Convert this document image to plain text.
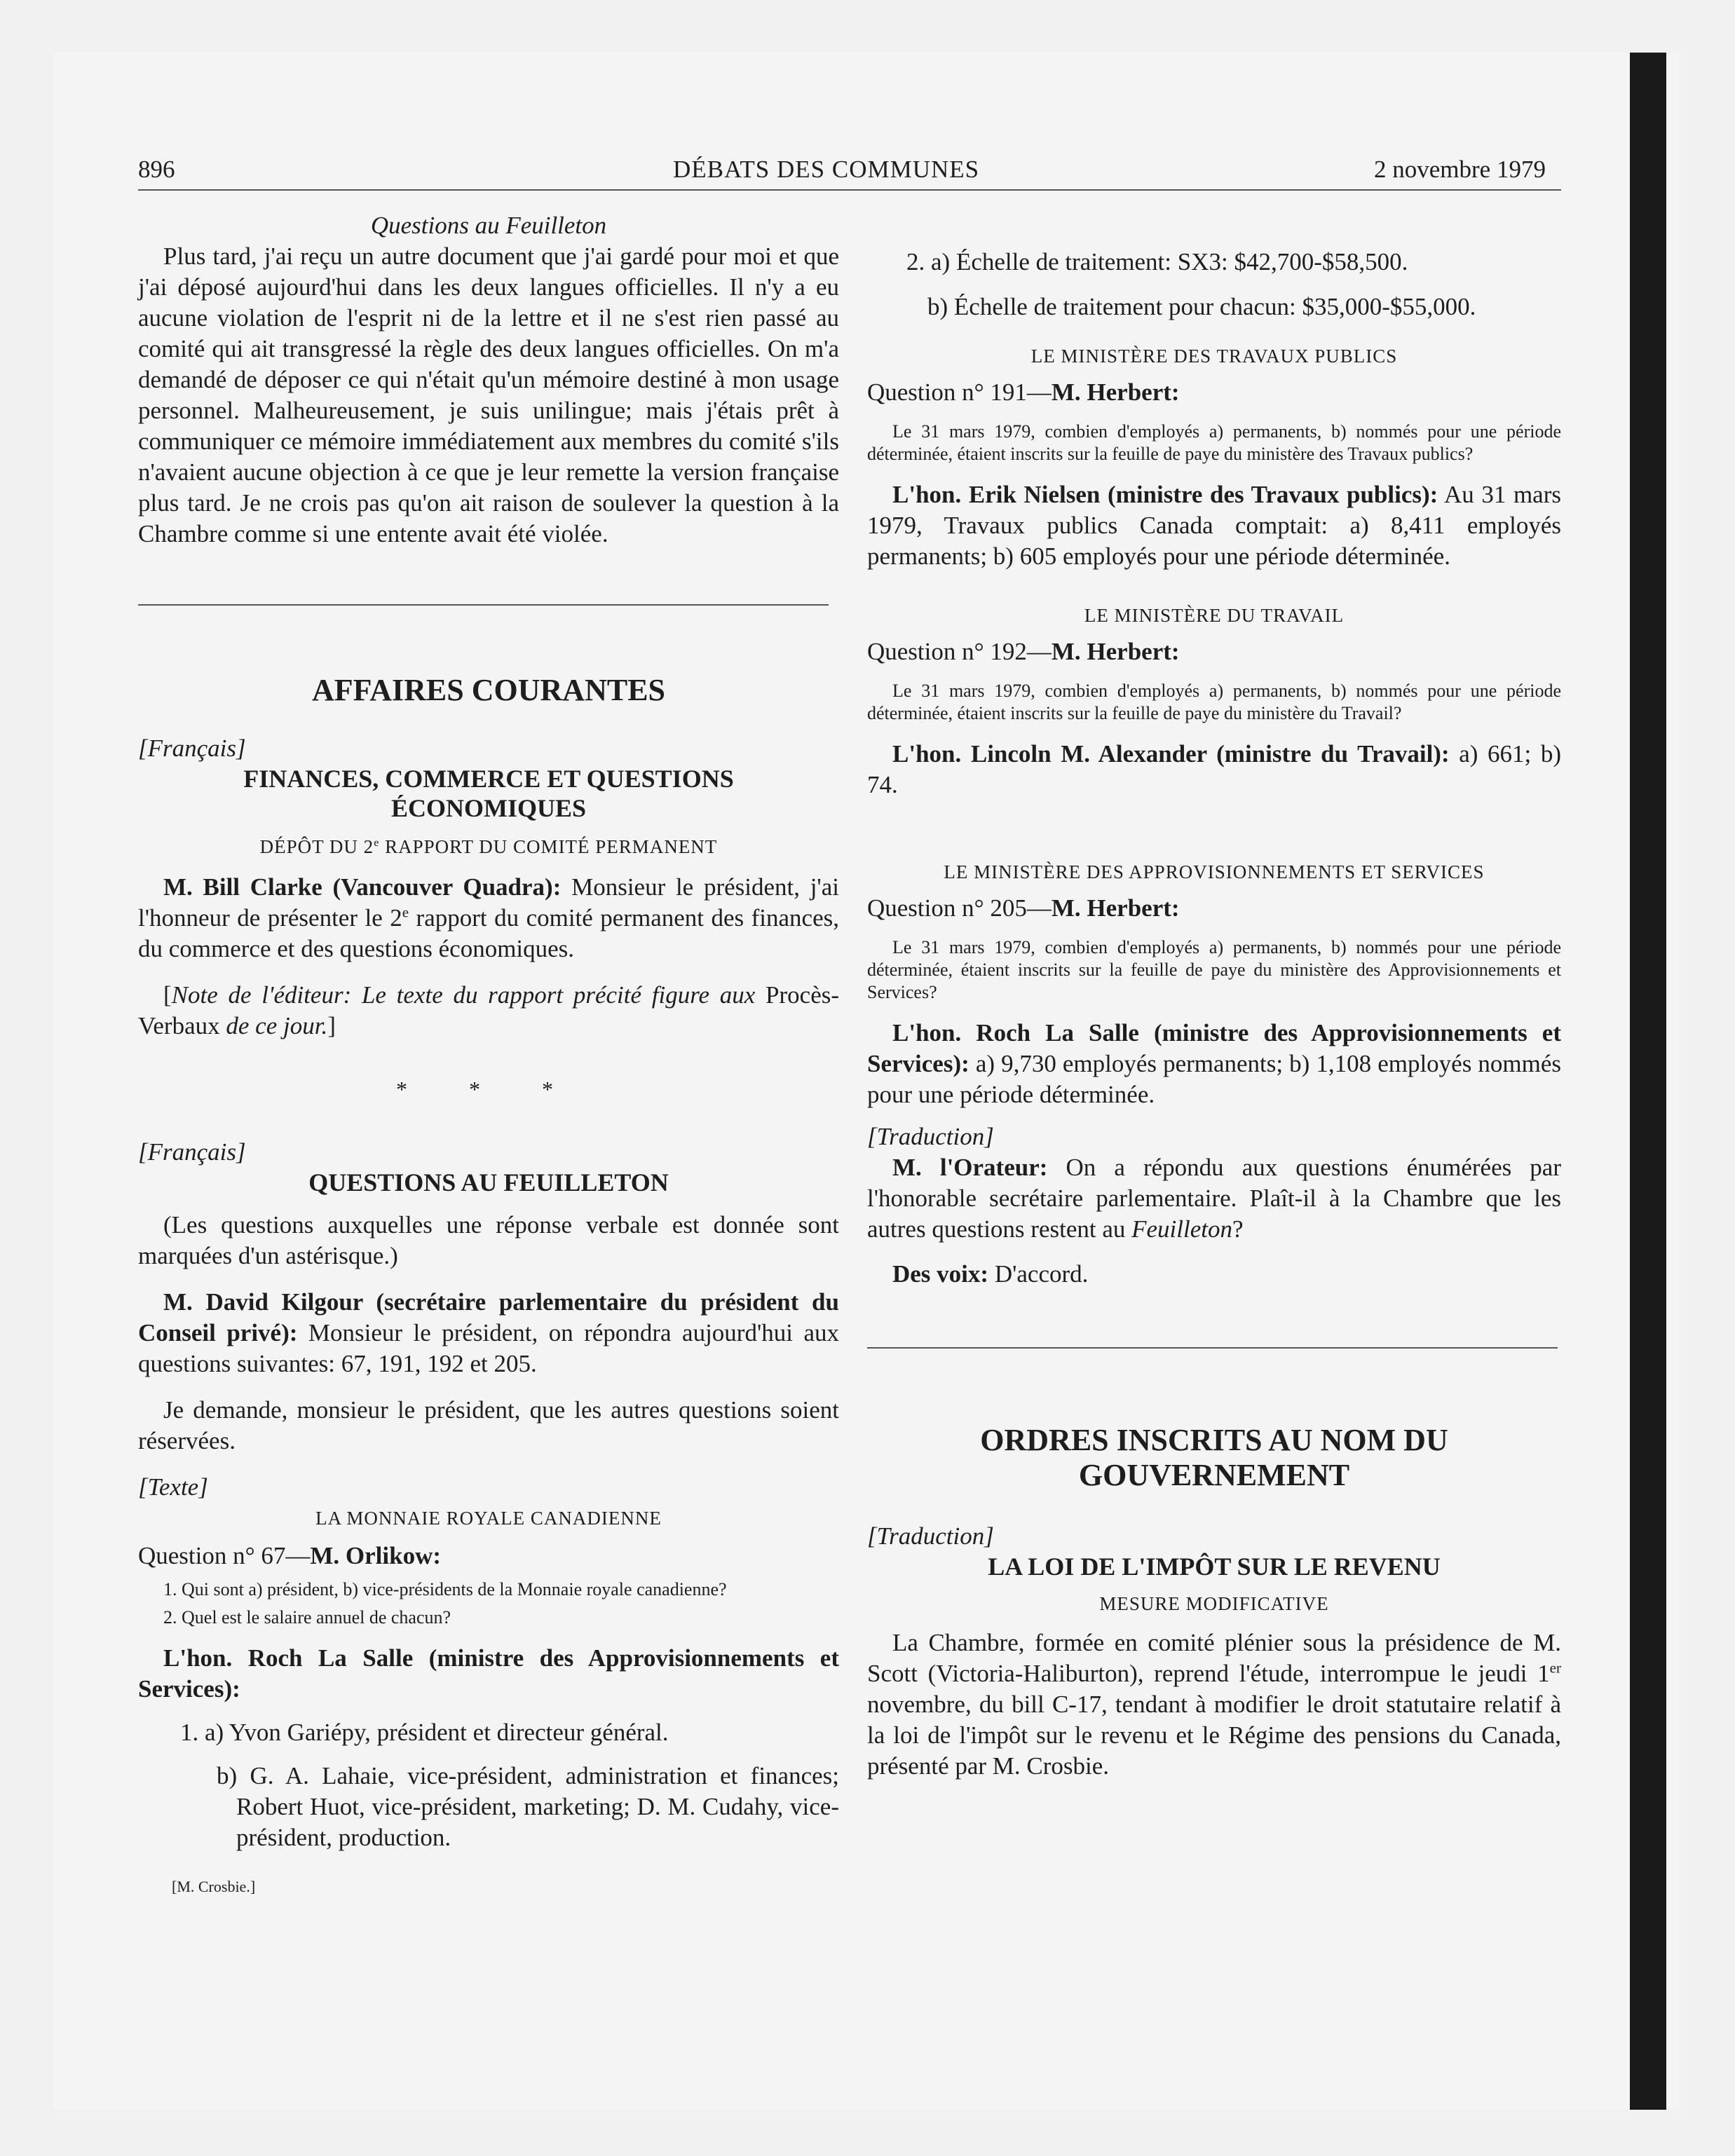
896	DÉBATS DES COMMUNES	2 novembre 1979

Questions au Feuilleton

Plus tard, j'ai reçu un autre document que j'ai gardé pour moi et que j'ai déposé aujourd'hui dans les deux langues officielles. Il n'y a eu aucune violation de l'esprit ni de la lettre et il ne s'est rien passé au comité qui ait transgressé la règle des deux langues officielles. On m'a demandé de déposer ce qui n'était qu'un mémoire destiné à mon usage personnel. Malheureusement, je suis unilingue; mais j'étais prêt à communiquer ce mémoire immédiatement aux membres du comité s'ils n'avaient aucune objection à ce que je leur remette la version française plus tard. Je ne crois pas qu'on ait raison de soulever la question à la Chambre comme si une entente avait été violée.

AFFAIRES COURANTES

[Français]

FINANCES, COMMERCE ET QUESTIONS
ÉCONOMIQUES

DÉPÔT DU 2e RAPPORT DU COMITÉ PERMANENT

M. Bill Clarke (Vancouver Quadra): Monsieur le président, j'ai l'honneur de présenter le 2e rapport du comité permanent des finances, du commerce et des questions économiques.

[Note de l'éditeur: Le texte du rapport précité figure aux Procès-Verbaux de ce jour.]

* * *

[Français]

QUESTIONS AU FEUILLETON

(Les questions auxquelles une réponse verbale est donnée sont marquées d'un astérisque.)

M. David Kilgour (secrétaire parlementaire du président du Conseil privé): Monsieur le président, on répondra aujourd'hui aux questions suivantes: 67, 191, 192 et 205.

Je demande, monsieur le président, que les autres questions soient réservées.

[Texte]

LA MONNAIE ROYALE CANADIENNE

Question n° 67—M. Orlikow:

1. Qui sont a) président, b) vice-présidents de la Monnaie royale canadienne?

2. Quel est le salaire annuel de chacun?

L'hon. Roch La Salle (ministre des Approvisionnements et Services):

1. a) Yvon Gariépy, président et directeur général.

b) G. A. Lahaie, vice-président, administration et finances; Robert Huot, vice-président, marketing; D. M. Cudahy, vice-président, production.

[M. Crosbie.]

2. a) Échelle de traitement: SX3: $42,700-$58,500.

b) Échelle de traitement pour chacun: $35,000-$55,000.

LE MINISTÈRE DES TRAVAUX PUBLICS

Question n° 191—M. Herbert:

Le 31 mars 1979, combien d'employés a) permanents, b) nommés pour une période déterminée, étaient inscrits sur la feuille de paye du ministère des Travaux publics?

L'hon. Erik Nielsen (ministre des Travaux publics): Au 31 mars 1979, Travaux publics Canada comptait: a) 8,411 employés permanents; b) 605 employés pour une période déterminée.

LE MINISTÈRE DU TRAVAIL

Question n° 192—M. Herbert:

Le 31 mars 1979, combien d'employés a) permanents, b) nommés pour une période déterminée, étaient inscrits sur la feuille de paye du ministère du Travail?

L'hon. Lincoln M. Alexander (ministre du Travail): a) 661; b) 74.

LE MINISTÈRE DES APPROVISIONNEMENTS ET SERVICES

Question n° 205—M. Herbert:

Le 31 mars 1979, combien d'employés a) permanents, b) nommés pour une période déterminée, étaient inscrits sur la feuille de paye du ministère des Approvisionnements et Services?

L'hon. Roch La Salle (ministre des Approvisionnements et Services): a) 9,730 employés permanents; b) 1,108 employés nommés pour une période déterminée.

[Traduction]

M. l'Orateur: On a répondu aux questions énumérées par l'honorable secrétaire parlementaire. Plaît-il à la Chambre que les autres questions restent au Feuilleton?

Des voix: D'accord.

ORDRES INSCRITS AU NOM DU
GOUVERNEMENT

[Traduction]

LA LOI DE L'IMPÔT SUR LE REVENU

MESURE MODIFICATIVE

La Chambre, formée en comité plénier sous la présidence de M. Scott (Victoria-Haliburton), reprend l'étude, interrompue le jeudi 1er novembre, du bill C-17, tendant à modifier le droit statutaire relatif à la loi de l'impôt sur le revenu et le Régime des pensions du Canada, présenté par M. Crosbie.
